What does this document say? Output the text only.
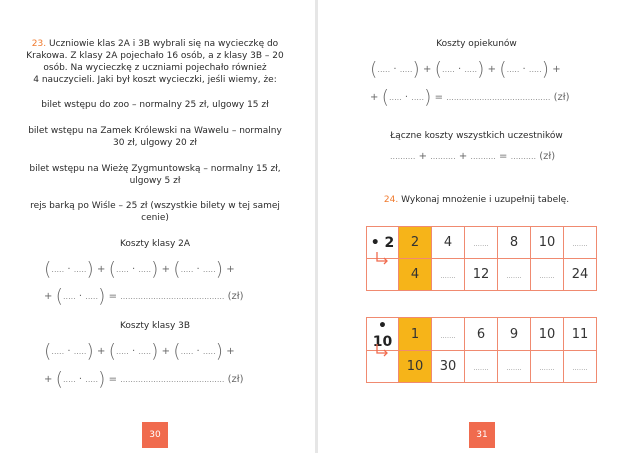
23. Uczniowie klas 2A i 3B wybrali się na wycieczkę do
Krakowa. Z klasy 2A pojechało 16 osób, a z klasy 3B – 20
osób. Na wycieczkę z uczniami pojechało również
4 nauczycieli. Jaki był koszt wycieczki, jeśli wiemy, że:
bilet wstępu do zoo – normalny 25 zł, ulgowy 15 zł
bilet wstępu na Zamek Królewski na Wawelu – normalny
30 zł, ulgowy 20 zł
bilet wstępu na Wieżę Zygmuntowską – normalny 15 zł,
ulgowy 5 zł
rejs barką po Wiśle – 25 zł (wszystkie bilety w tej samej
cenie)
Koszty klasy 2A
(..... · .....) + (..... · .....) + (..... · .....) +
+ (..... · .....) = ......................................... (zł)
Koszty klasy 3B
(..... · .....) + (..... · .....) + (..... · .....) +
+ (..... · .....) = ......................................... (zł)
30
Koszty opiekunów
(..... · .....) + (..... · .....) + (..... · .....) +
+ (..... · .....) = ......................................... (zł)
Łączne koszty wszystkich uczestników
.......... + .......... + .......... = .......... (zł)
24. Wykonaj mnożenie i uzupełnij tabelę.
• 2	2	4	.......	8	10	.......

	4	.......	12	.......	.......	24
• 10	1	.......	6	9	10	11

	10	30	.......	.......	.......	.......
31
